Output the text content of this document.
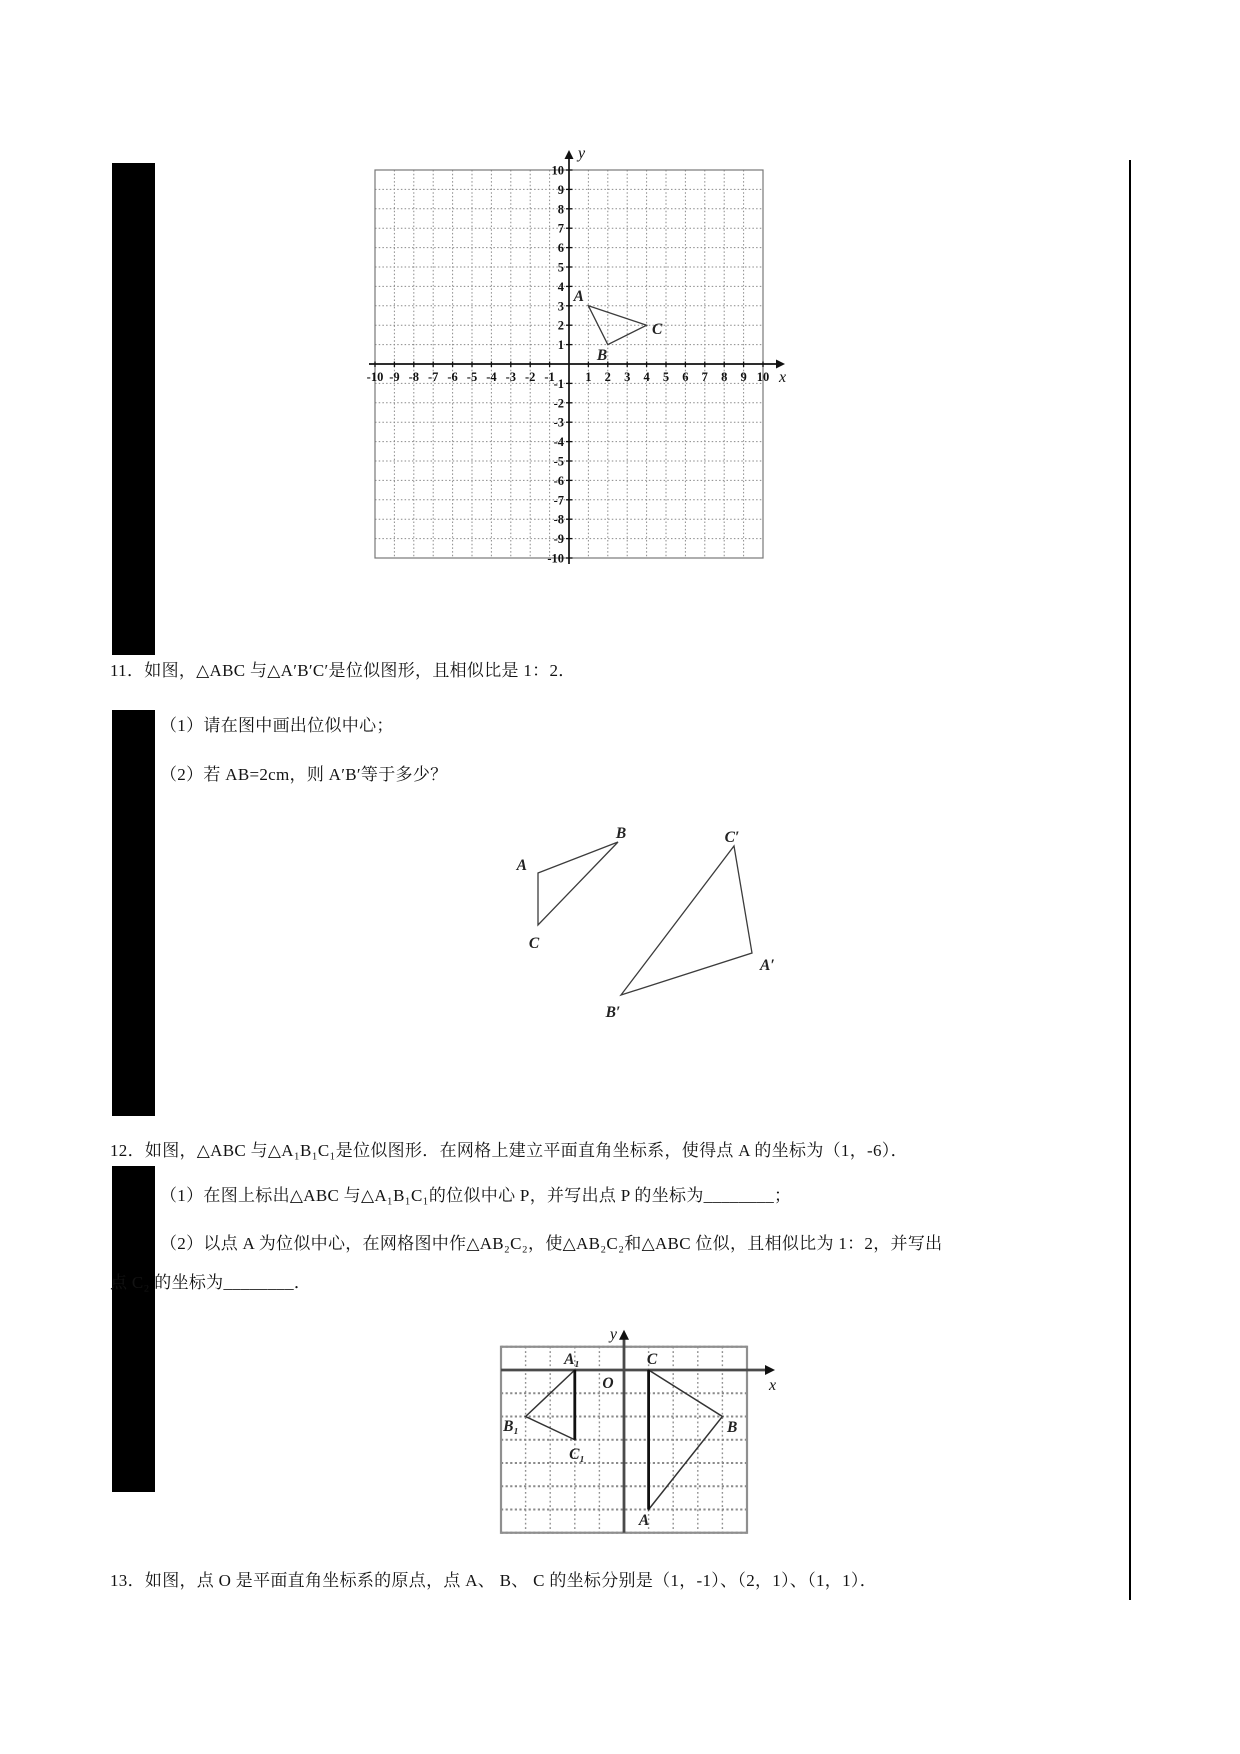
-10 -9 -8 -7 -6 -5 -4 -3 -2 -1 1 2 3 4 5 6 7 8 9 10
10
9
8
7
6
5
4
3
2
1
-1
-2
-3
-4
-5
-6
-7
-8
-9
-10
x
y
A
B
C
11．如图，△ABC 与△A′B′C′是位似图形，且相似比是 1：2．
（1）请在图中画出位似中心；
（2）若 AB=2cm，则 A′B′等于多少？
A
B
C
C′
A′
B′
12．如图，△ABC 与△A₁B₁C₁是位似图形．在网格上建立平面直角坐标系，使得点 A 的坐标为（1，-6）．
（1）在图上标出△ABC 与△A₁B₁C₁的位似中心 P，并写出点 P 的坐标为________；
（2）以点 A 为位似中心，在网格图中作△AB₂C₂，使△AB₂C₂和△ABC 位似，且相似比为 1：2，并写出
点 C₂ 的坐标为________．
x
y
A₁	C
O
B₁
C₁
B
A
13．如图，点 O 是平面直角坐标系的原点，点 A、 B、 C 的坐标分别是（1，-1）、（2，1）、（1，1）．
